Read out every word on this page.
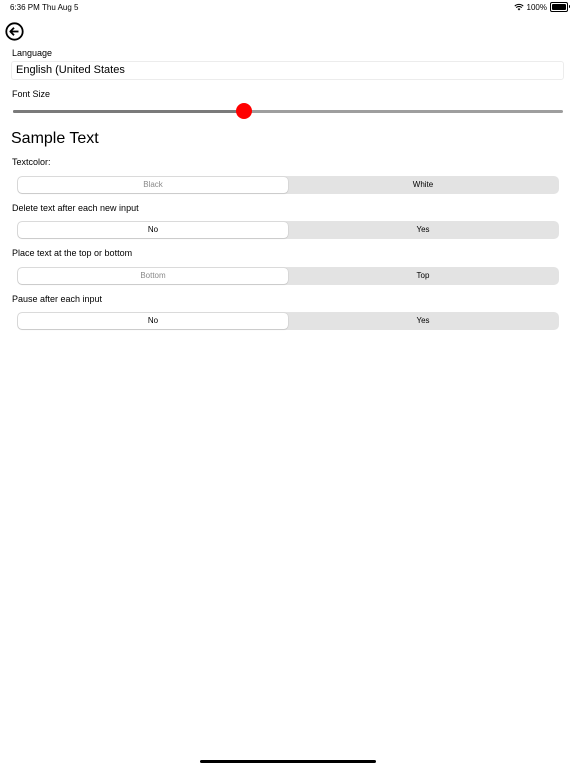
6:36 PM Thu Aug 5	100%
Language
English (United States
Font Size
Sample Text
Textcolor:
Black	White
Delete text after each new input
No	Yes
Place text at the top or bottom
Bottom	Top
Pause after each input
No	Yes
